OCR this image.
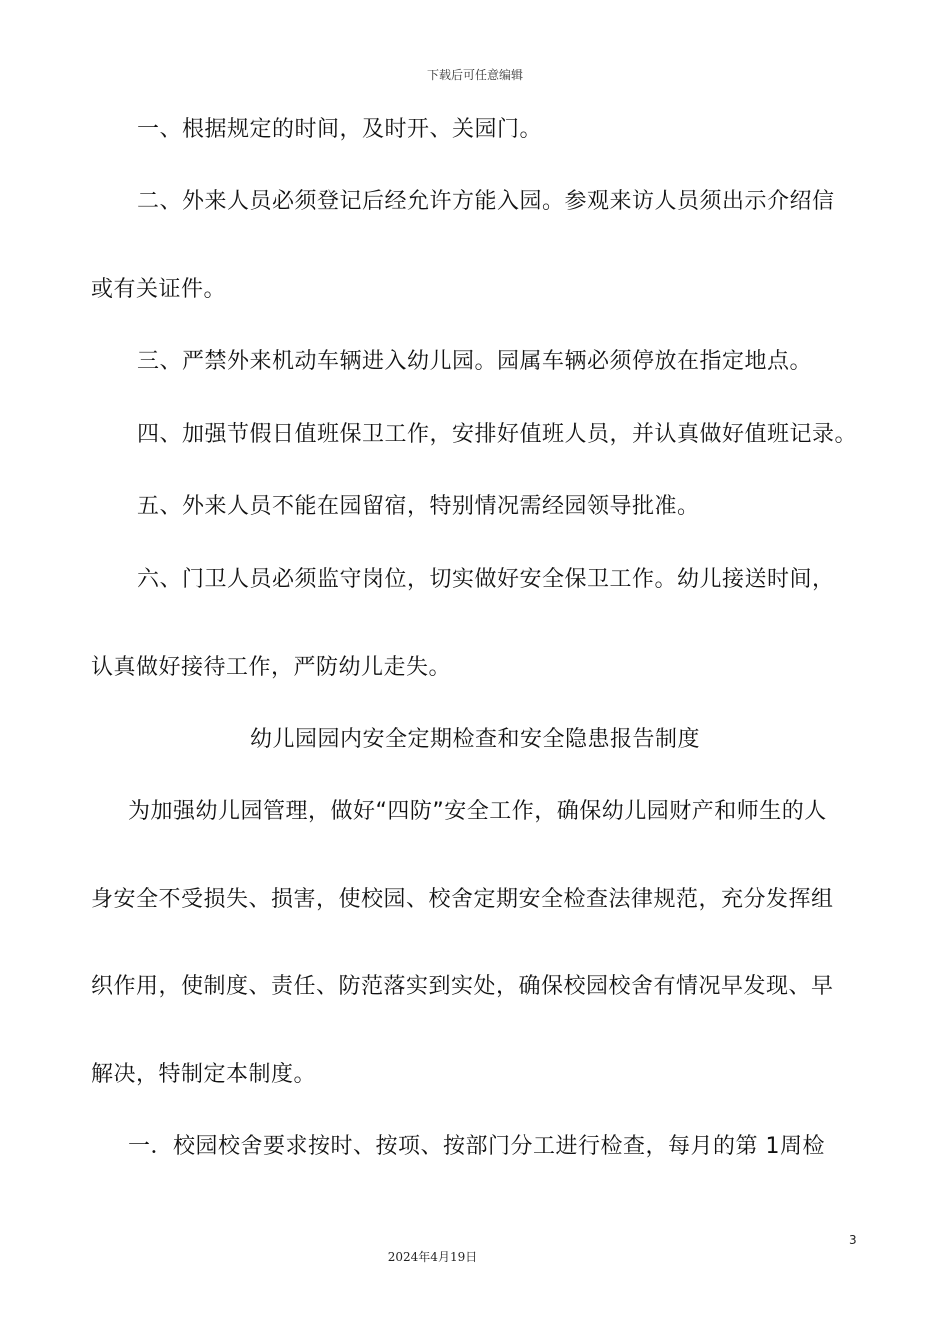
下载后可任意编辑
一、根据规定的时间，及时开、关园门。
二、外来人员必须登记后经允许方能入园。参观来访人员须出示介绍信
或有关证件。
三、严禁外来机动车辆进入幼儿园。园属车辆必须停放在指定地点。
四、加强节假日值班保卫工作，安排好值班人员，并认真做好值班记录。
五、外来人员不能在园留宿，特别情况需经园领导批准。
六、门卫人员必须监守岗位，切实做好安全保卫工作。幼儿接送时间，
认真做好接待工作，严防幼儿走失。
幼儿园园内安全定期检查和安全隐患报告制度
为加强幼儿园管理，做好“四防”安全工作，确保幼儿园财产和师生的人
身安全不受损失、损害，使校园、校舍定期安全检查法律规范，充分发挥组
织作用，使制度、责任、防范落实到实处，确保校园校舍有情况早发现、早
解决，特制定本制度。
一．校园校舍要求按时、按项、按部门分工进行检查，每月的第 1周检
3
2024年4月19日
